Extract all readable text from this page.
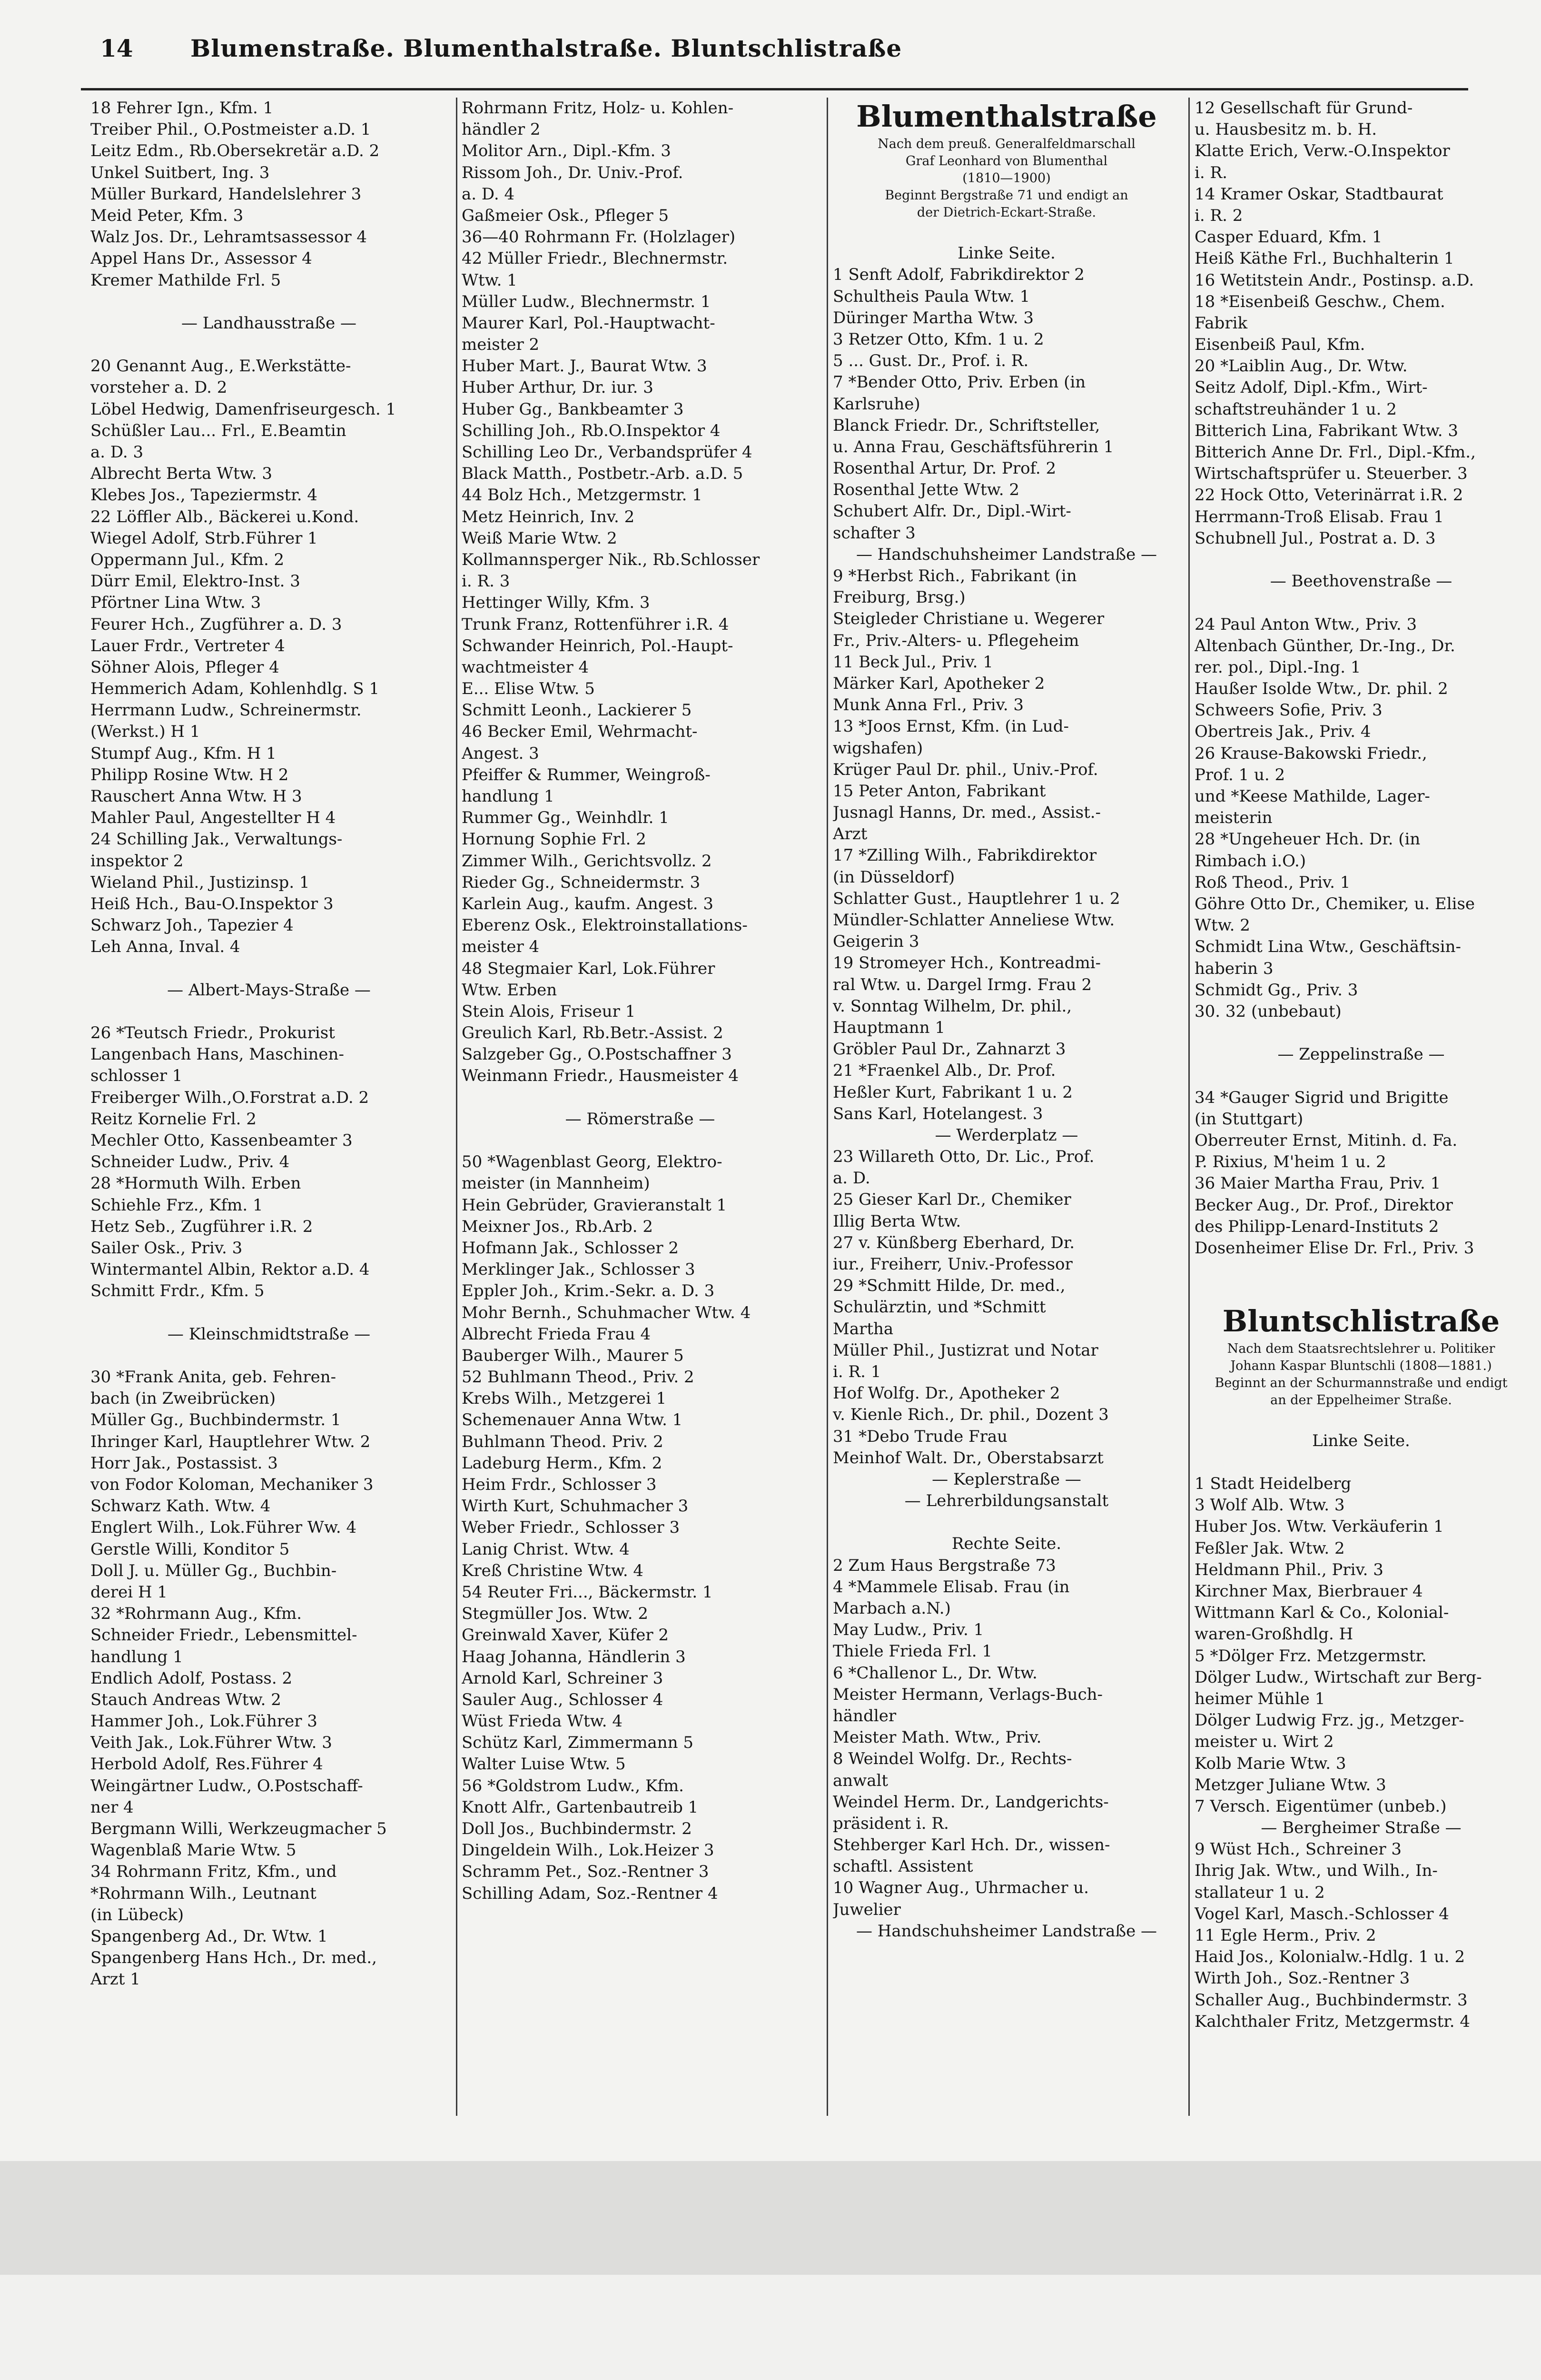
14 Blumenstraße. Blumenthalstraße. Bluntschlistraße
18 Fehrer Ign., Kfm. 1
Treiber Phil., O.Postmeister a.D. 1
Leitz Edm., Rb.Obersekretär a.D. 2
Unkel Suitbert, Ing. 3
Müller Burkard, Handelslehrer 3
Meid Peter, Kfm. 3
Walz Jos. Dr., Lehramtsassessor 4
Appel Hans Dr., Assessor 4
Kremer Mathilde Frl. 5
— Landhausstraße —
20 Genannt Aug., E.Werkstätte-
vorsteher a. D. 2
Löbel Hedwig, Damenfriseurgesch. 1
Schüßler Lau... Frl., E.Beamtin
a. D. 3
Albrecht Berta Wtw. 3
Klebes Jos., Tapeziermstr. 4
22 Löffler Alb., Bäckerei u.Kond.
Wiegel Adolf, Strb.Führer 1
Oppermann Jul., Kfm. 2
Dürr Emil, Elektro-Inst. 3
Pförtner Lina Wtw. 3
Feurer Hch., Zugführer a. D. 3
Lauer Frdr., Vertreter 4
Söhner Alois, Pfleger 4
Hemmerich Adam, Kohlenhdlg. S 1
Herrmann Ludw., Schreinermstr.
(Werkst.) H 1
Stumpf Aug., Kfm. H 1
Philipp Rosine Wtw. H 2
Rauschert Anna Wtw. H 3
Mahler Paul, Angestellter H 4
24 Schilling Jak., Verwaltungs-
inspektor 2
Wieland Phil., Justizinsp. 1
Heiß Hch., Bau-O.Inspektor 3
Schwarz Joh., Tapezier 4
Leh Anna, Inval. 4
— Albert-Mays-Straße —
26 *Teutsch Friedr., Prokurist
Langenbach Hans, Maschinen-
schlosser 1
Freiberger Wilh.,O.Forstrat a.D. 2
Reitz Kornelie Frl. 2
Mechler Otto, Kassenbeamter 3
Schneider Ludw., Priv. 4
28 *Hormuth Wilh. Erben
Schiehle Frz., Kfm. 1
Hetz Seb., Zugführer i.R. 2
Sailer Osk., Priv. 3
Wintermantel Albin, Rektor a.D. 4
Schmitt Frdr., Kfm. 5
— Kleinschmidtstraße —
30 *Frank Anita, geb. Fehren-
bach (in Zweibrücken)
Müller Gg., Buchbindermstr. 1
Ihringer Karl, Hauptlehrer Wtw. 2
Horr Jak., Postassist. 3
von Fodor Koloman, Mechaniker 3
Schwarz Kath. Wtw. 4
Englert Wilh., Lok.Führer Ww. 4
Gerstle Willi, Konditor 5
Doll J. u. Müller Gg., Buchbin-
derei H 1
32 *Rohrmann Aug., Kfm.
Schneider Friedr., Lebensmittel-
handlung 1
Endlich Adolf, Postass. 2
Stauch Andreas Wtw. 2
Hammer Joh., Lok.Führer 3
Veith Jak., Lok.Führer Wtw. 3
Herbold Adolf, Res.Führer 4
Weingärtner Ludw., O.Postschaff-
ner 4
Bergmann Willi, Werkzeugmacher 5
Wagenblaß Marie Wtw. 5
34 Rohrmann Fritz, Kfm., und
*Rohrmann Wilh., Leutnant
(in Lübeck)
Spangenberg Ad., Dr. Wtw. 1
Spangenberg Hans Hch., Dr. med.,
Arzt 1
Rohrmann Fritz, Holz- u. Kohlen-
händler 2
Molitor Arn., Dipl.-Kfm. 3
Rissom Joh., Dr. Univ.-Prof.
a. D. 4
Gaßmeier Osk., Pfleger 5
36—40 Rohrmann Fr. (Holzlager)
42 Müller Friedr., Blechnermstr.
Wtw. 1
Müller Ludw., Blechnermstr. 1
Maurer Karl, Pol.-Hauptwacht-
meister 2
Huber Mart. J., Baurat Wtw. 3
Huber Arthur, Dr. iur. 3
Huber Gg., Bankbeamter 3
Schilling Joh., Rb.O.Inspektor 4
Schilling Leo Dr., Verbandsprüfer 4
Black Matth., Postbetr.-Arb. a.D. 5
44 Bolz Hch., Metzgermstr. 1
Metz Heinrich, Inv. 2
Weiß Marie Wtw. 2
Kollmannsperger Nik., Rb.Schlosser
i. R. 3
Hettinger Willy, Kfm. 3
Trunk Franz, Rottenführer i.R. 4
Schwander Heinrich, Pol.-Haupt-
wachtmeister 4
E... Elise Wtw. 5
Schmitt Leonh., Lackierer 5
46 Becker Emil, Wehrmacht-
Angest. 3
Pfeiffer & Rummer, Weingroß-
handlung 1
Rummer Gg., Weinhdlr. 1
Hornung Sophie Frl. 2
Zimmer Wilh., Gerichtsvollz. 2
Rieder Gg., Schneidermstr. 3
Karlein Aug., kaufm. Angest. 3
Eberenz Osk., Elektroinstallations-
meister 4
48 Stegmaier Karl, Lok.Führer
Wtw. Erben
Stein Alois, Friseur 1
Greulich Karl, Rb.Betr.-Assist. 2
Salzgeber Gg., O.Postschaffner 3
Weinmann Friedr., Hausmeister 4
— Römerstraße —
50 *Wagenblast Georg, Elektro-
meister (in Mannheim)
Hein Gebrüder, Gravieranstalt 1
Meixner Jos., Rb.Arb. 2
Hofmann Jak., Schlosser 2
Merklinger Jak., Schlosser 3
Eppler Joh., Krim.-Sekr. a. D. 3
Mohr Bernh., Schuhmacher Wtw. 4
Albrecht Frieda Frau 4
Bauberger Wilh., Maurer 5
52 Buhlmann Theod., Priv. 2
Krebs Wilh., Metzgerei 1
Schemenauer Anna Wtw. 1
Buhlmann Theod. Priv. 2
Ladeburg Herm., Kfm. 2
Heim Frdr., Schlosser 3
Wirth Kurt, Schuhmacher 3
Weber Friedr., Schlosser 3
Lanig Christ. Wtw. 4
Kreß Christine Wtw. 4
54 Reuter Fri..., Bäckermstr. 1
Stegmüller Jos. Wtw. 2
Greinwald Xaver, Küfer 2
Haag Johanna, Händlerin 3
Arnold Karl, Schreiner 3
Sauler Aug., Schlosser 4
Wüst Frieda Wtw. 4
Schütz Karl, Zimmermann 5
Walter Luise Wtw. 5
56 *Goldstrom Ludw., Kfm.
Knott Alfr., Gartenbautreib 1
Doll Jos., Buchbindermstr. 2
Dingeldein Wilh., Lok.Heizer 3
Schramm Pet., Soz.-Rentner 3
Schilling Adam, Soz.-Rentner 4
Blumenthalstraße
Nach dem preuß. Generalfeldmarschall
Graf Leonhard von Blumenthal
(1810—1900)
Beginnt Bergstraße 71 und endigt an
der Dietrich-Eckart-Straße.
Linke Seite.
1 Senft Adolf, Fabrikdirektor 2
Schultheis Paula Wtw. 1
Düringer Martha Wtw. 3
3 Retzer Otto, Kfm. 1 u. 2
5 ... Gust. Dr., Prof. i. R.
7 *Bender Otto, Priv. Erben (in
Karlsruhe)
Blanck Friedr. Dr., Schriftsteller,
u. Anna Frau, Geschäftsführerin 1
Rosenthal Artur, Dr. Prof. 2
Rosenthal Jette Wtw. 2
Schubert Alfr. Dr., Dipl.-Wirt-
schafter 3
— Handschuhsheimer Landstraße —
9 *Herbst Rich., Fabrikant (in
Freiburg, Brsg.)
Steigleder Christiane u. Wegerer
Fr., Priv.-Alters- u. Pflegeheim
11 Beck Jul., Priv. 1
Märker Karl, Apotheker 2
Munk Anna Frl., Priv. 3
13 *Joos Ernst, Kfm. (in Lud-
wigshafen)
Krüger Paul Dr. phil., Univ.-Prof.
15 Peter Anton, Fabrikant
Jusnagl Hanns, Dr. med., Assist.-
Arzt
17 *Zilling Wilh., Fabrikdirektor
(in Düsseldorf)
Schlatter Gust., Hauptlehrer 1 u. 2
Mündler-Schlatter Anneliese Wtw.
Geigerin 3
19 Stromeyer Hch., Kontreadmi-
ral Wtw. u. Dargel Irmg. Frau 2
v. Sonntag Wilhelm, Dr. phil.,
Hauptmann 1
Gröbler Paul Dr., Zahnarzt 3
21 *Fraenkel Alb., Dr. Prof.
Heßler Kurt, Fabrikant 1 u. 2
Sans Karl, Hotelangest. 3
— Werderplatz —
23 Willareth Otto, Dr. Lic., Prof.
a. D.
25 Gieser Karl Dr., Chemiker
Illig Berta Wtw.
27 v. Künßberg Eberhard, Dr.
iur., Freiherr, Univ.-Professor
29 *Schmitt Hilde, Dr. med.,
Schulärztin, und *Schmitt
Martha
Müller Phil., Justizrat und Notar
i. R. 1
Hof Wolfg. Dr., Apotheker 2
v. Kienle Rich., Dr. phil., Dozent 3
31 *Debo Trude Frau
Meinhof Walt. Dr., Oberstabsarzt
— Keplerstraße —
— Lehrerbildungsanstalt
Rechte Seite.
2 Zum Haus Bergstraße 73
4 *Mammele Elisab. Frau (in
Marbach a.N.)
May Ludw., Priv. 1
Thiele Frieda Frl. 1
6 *Challenor L., Dr. Wtw.
Meister Hermann, Verlags-Buch-
händler
Meister Math. Wtw., Priv.
8 Weindel Wolfg. Dr., Rechts-
anwalt
Weindel Herm. Dr., Landgerichts-
präsident i. R.
Stehberger Karl Hch. Dr., wissen-
schaftl. Assistent
10 Wagner Aug., Uhrmacher u.
Juwelier
— Handschuhsheimer Landstraße —
12 Gesellschaft für Grund-
u. Hausbesitz m. b. H.
Klatte Erich, Verw.-O.Inspektor
i. R.
14 Kramer Oskar, Stadtbaurat
i. R. 2
Casper Eduard, Kfm. 1
Heiß Käthe Frl., Buchhalterin 1
16 Wetitstein Andr., Postinsp. a.D.
18 *Eisenbeiß Geschw., Chem.
Fabrik
Eisenbeiß Paul, Kfm.
20 *Laiblin Aug., Dr. Wtw.
Seitz Adolf, Dipl.-Kfm., Wirt-
schaftstreuhänder 1 u. 2
Bitterich Lina, Fabrikant Wtw. 3
Bitterich Anne Dr. Frl., Dipl.-Kfm.,
Wirtschaftsprüfer u. Steuerber. 3
22 Hock Otto, Veterinärrat i.R. 2
Herrmann-Troß Elisab. Frau 1
Schubnell Jul., Postrat a. D. 3
— Beethovenstraße —
24 Paul Anton Wtw., Priv. 3
Altenbach Günther, Dr.-Ing., Dr.
rer. pol., Dipl.-Ing. 1
Haußer Isolde Wtw., Dr. phil. 2
Schweers Sofie, Priv. 3
Obertreis Jak., Priv. 4
26 Krause-Bakowski Friedr.,
Prof. 1 u. 2
und *Keese Mathilde, Lager-
meisterin
28 *Ungeheuer Hch. Dr. (in
Rimbach i.O.)
Roß Theod., Priv. 1
Göhre Otto Dr., Chemiker, u. Elise
Wtw. 2
Schmidt Lina Wtw., Geschäftsin-
haberin 3
Schmidt Gg., Priv. 3
30. 32 (unbebaut)
— Zeppelinstraße —
34 *Gauger Sigrid und Brigitte
(in Stuttgart)
Oberreuter Ernst, Mitinh. d. Fa.
P. Rixius, M'heim 1 u. 2
36 Maier Martha Frau, Priv. 1
Becker Aug., Dr. Prof., Direktor
des Philipp-Lenard-Instituts 2
Dosenheimer Elise Dr. Frl., Priv. 3
Bluntschlistraße
Nach dem Staatsrechtslehrer u. Politiker
Johann Kaspar Bluntschli (1808—1881.)
Beginnt an der Schurmannstraße und endigt
an der Eppelheimer Straße.
Linke Seite.
1 Stadt Heidelberg
3 Wolf Alb. Wtw. 3
Huber Jos. Wtw. Verkäuferin 1
Feßler Jak. Wtw. 2
Heldmann Phil., Priv. 3
Kirchner Max, Bierbrauer 4
Wittmann Karl & Co., Kolonial-
waren-Großhdlg. H
5 *Dölger Frz. Metzgermstr.
Dölger Ludw., Wirtschaft zur Berg-
heimer Mühle 1
Dölger Ludwig Frz. jg., Metzger-
meister u. Wirt 2
Kolb Marie Wtw. 3
Metzger Juliane Wtw. 3
7 Versch. Eigentümer (unbeb.)
— Bergheimer Straße —
9 Wüst Hch., Schreiner 3
Ihrig Jak. Wtw., und Wilh., In-
stallateur 1 u. 2
Vogel Karl, Masch.-Schlosser 4
11 Egle Herm., Priv. 2
Haid Jos., Kolonialw.-Hdlg. 1 u. 2
Wirth Joh., Soz.-Rentner 3
Schaller Aug., Buchbindermstr. 3
Kalchthaler Fritz, Metzgermstr. 4
